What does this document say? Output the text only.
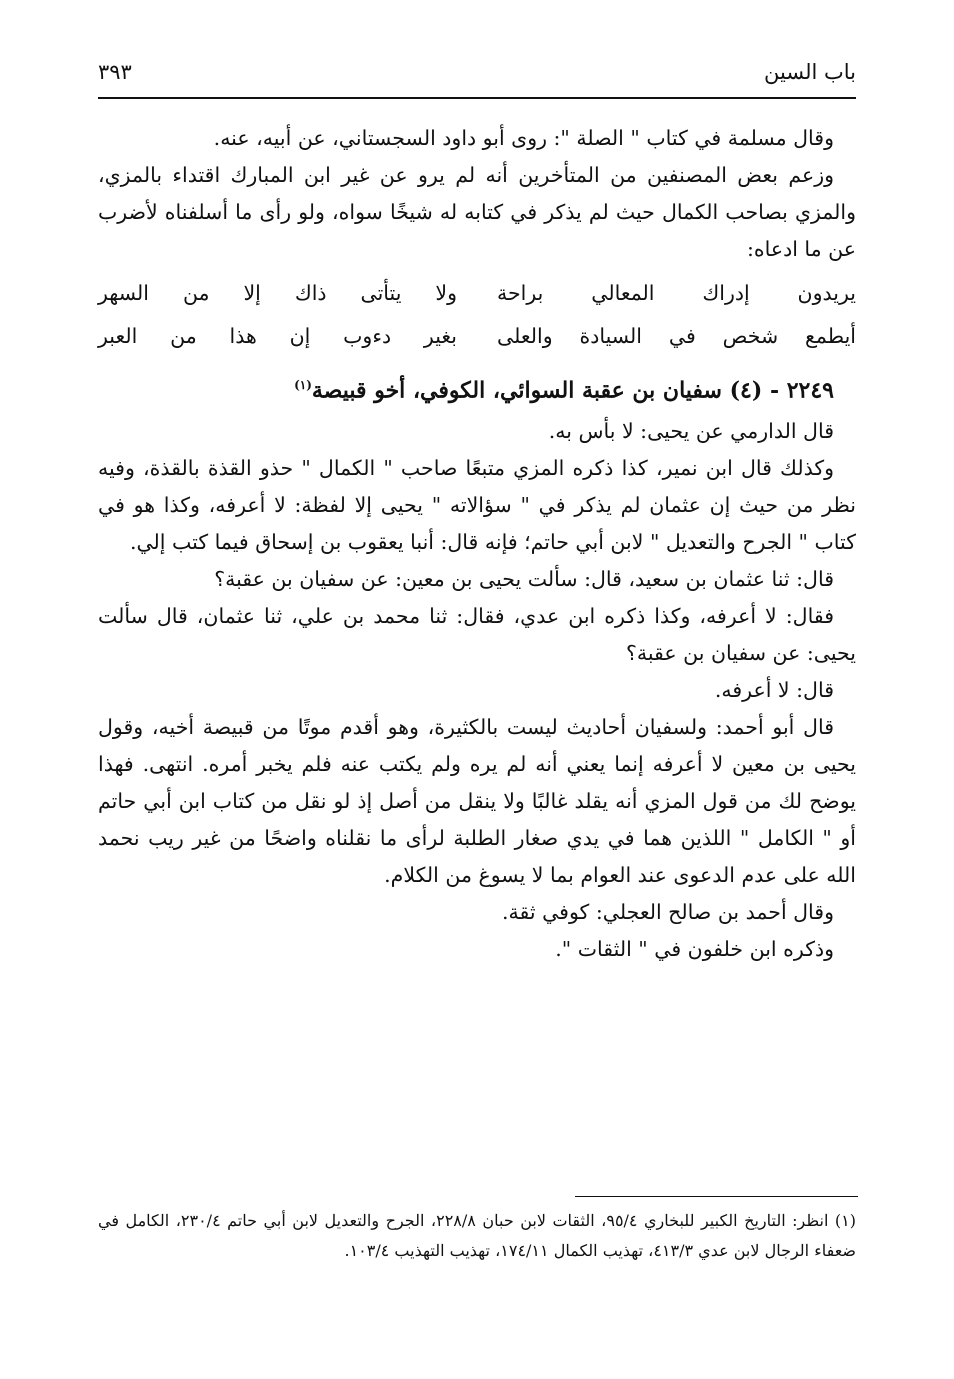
باب السين
٣٩٣

وقال مسلمة في كتاب " الصلة ": روى أبو داود السجستاني، عن أبيه، عنه.

وزعم بعض المصنفين من المتأخرين أنه لم يرو عن غير ابن المبارك اقتداء بالمزي، والمزي بصاحب الكمال حيث لم يذكر في كتابه له شيخًا سواه، ولو رأى ما أسلفناه لأضرب عن ما ادعاه:

يريدون إدراك المعالي براحة
ولا يتأتى ذاك إلا من السهر
أيطمع شخص في السيادة والعلى
بغير دءوب إن هذا من العبر

٢٢٤٩ - (٤) سفيان بن عقبة السوائي، الكوفي، أخو قبيصة$^{(١)}$

قال الدارمي عن يحيى: لا بأس به.

وكذلك قال ابن نمير، كذا ذكره المزي متبعًا صاحب " الكمال " حذو القذة بالقذة، وفيه نظر من حيث إن عثمان لم يذكر في " سؤالاته " يحيى إلا لفظة: لا أعرفه، وكذا هو في كتاب " الجرح والتعديل " لابن أبي حاتم؛ فإنه قال: أنبا يعقوب بن إسحاق فيما كتب إلي.

قال: ثنا عثمان بن سعيد، قال: سألت يحيى بن معين: عن سفيان بن عقبة؟

فقال: لا أعرفه، وكذا ذكره ابن عدي، فقال: ثنا محمد بن علي، ثنا عثمان، قال سألت يحيى: عن سفيان بن عقبة؟

قال: لا أعرفه.

قال أبو أحمد: ولسفيان أحاديث ليست بالكثيرة، وهو أقدم موتًا من قبيصة أخيه، وقول يحيى بن معين لا أعرفه إنما يعني أنه لم يره ولم يكتب عنه فلم يخبر أمره. انتهى. فهذا يوضح لك من قول المزي أنه يقلد غالبًا ولا ينقل من أصل إذ لو نقل من كتاب ابن أبي حاتم أو " الكامل " اللذين هما في يدي صغار الطلبة لرأى ما نقلناه واضحًا من غير ريب نحمد الله على عدم الدعوى عند العوام بما لا يسوغ من الكلام.

وقال أحمد بن صالح العجلي: كوفي ثقة.

وذكره ابن خلفون في " الثقات ".

(١) انظر: التاريخ الكبير للبخاري ٩٥/٤، الثقات لابن حبان ٢٢٨/٨، الجرح والتعديل لابن أبي حاتم ٢٣٠/٤، الكامل في ضعفاء الرجال لابن عدي ٤١٣/٣، تهذيب الكمال ١٧٤/١١، تهذيب التهذيب ١٠٣/٤.
